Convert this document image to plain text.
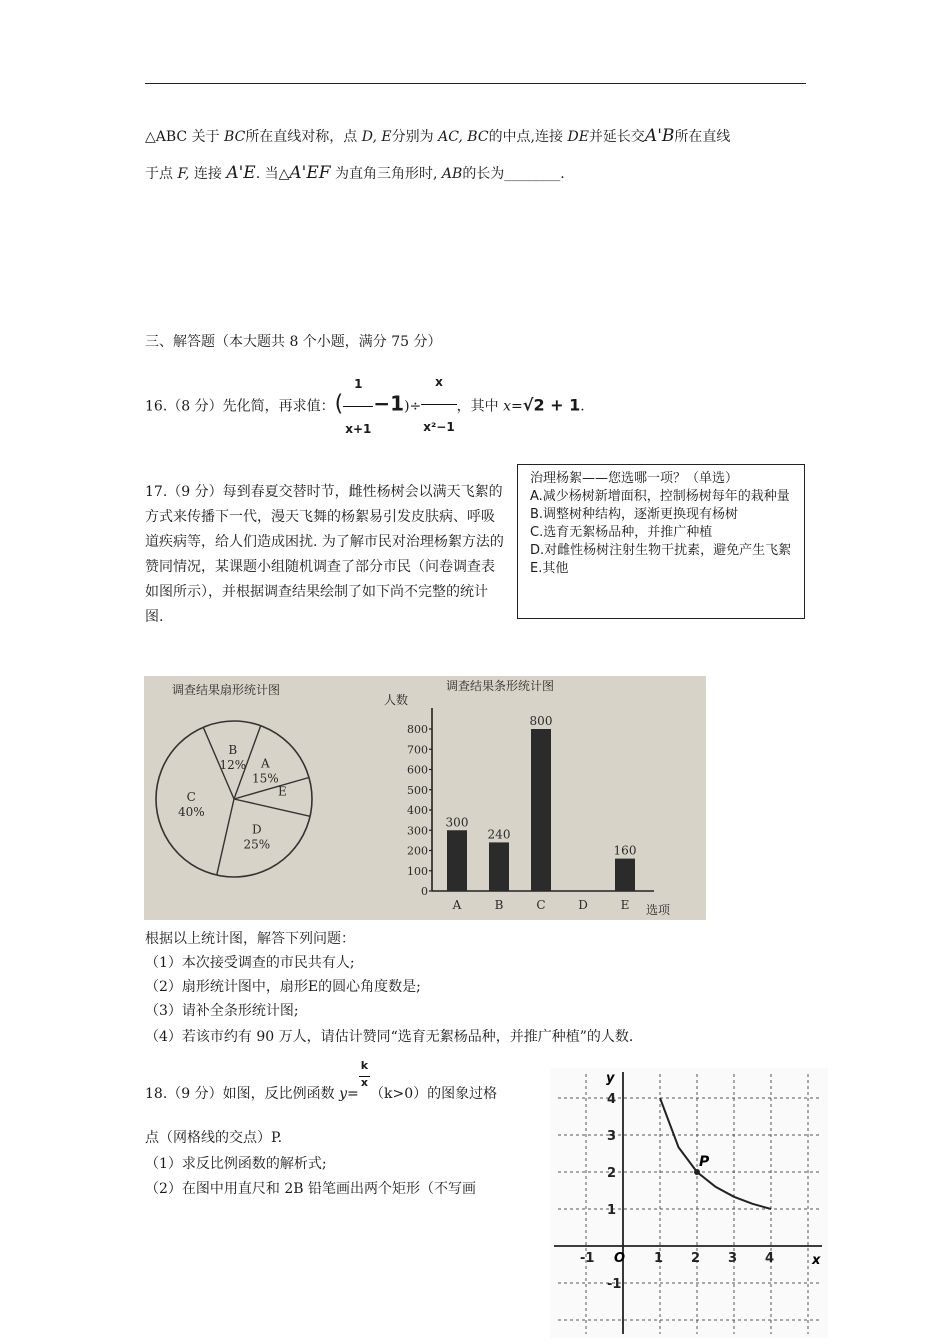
△ABC 关于 BC所在直线对称，点 D, E分别为 AC, BC的中点,连接 DE并延长交A'B所在直线
于点 F, 连接 A'E. 当△A'EF 为直角三角形时, AB的长为________.
三、解答题（本大题共 8 个小题，满分 75 分）
16.（8 分）先化简，再求值：( $\frac{1}{x+1} -1)\div \frac{x}{\text{x²−1}}$ ，其中 x=√2 + 1.
17.（9 分）每到春夏交替时节，雌性杨树会以满天飞絮的方式来传播下一代，漫天飞舞的杨絮易引发皮肤病、呼吸道疾病等，给人们造成困扰. 为了解市民对治理杨絮方法的赞同情况，某课题小组随机调查了部分市民（问卷调查表如图所示），并根据调查结果绘制了如下尚不完整的统计图.
治理杨絮——您选哪一项？（单选）
A.减少杨树新增面积，控制杨树每年的栽种量
B.调整树种结构，逐渐更换现有杨树
C.选育无絮杨品种，并推广种植
D.对雌性杨树注射生物干扰素，避免产生飞絮
E.其他
调查结果扇形统计图
A
15%
E
D
25%
C
40%
B
12%
调查结果条形统计图
人数
选项
0
100
200
300
400
500
600
700
800
300
240
800
160
A	B	C	D	E
根据以上统计图，解答下列问题：
（1）本次接受调查的市民共有人;
（2）扇形统计图中，扇形E的圆心角度数是;
（3）请补全条形统计图;
（4）若该市约有 90 万人，请估计赞同“选育无絮杨品种，并推广种植”的人数.
18.（9 分）如图，反比例函数 y=
$\frac{k}{x}$
（k>0）的图象过格
点（网格线的交点）P.
（1）求反比例函数的解析式;
（2）在图中用直尺和 2B 铅笔画出两个矩形（不写画
x
y
O
-1	1 2 3 4
-1
1
2
3
4
P
